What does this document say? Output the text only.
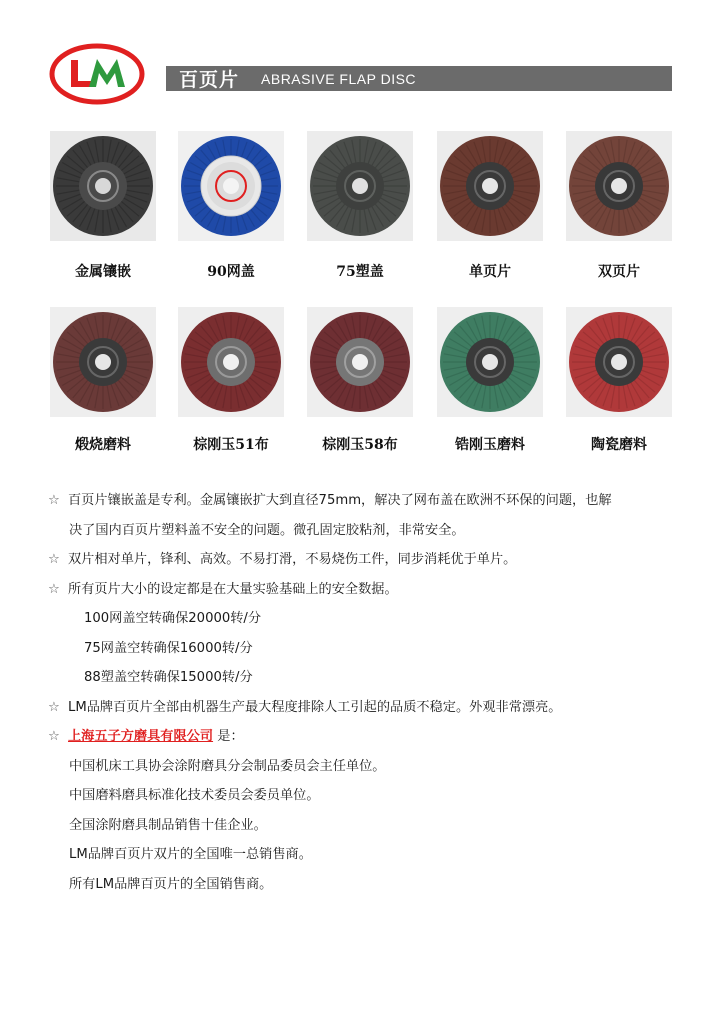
百页片 ABRASIVE FLAP DISC
金属镶嵌	90网盖	75塑盖	单页片	双页片
煅烧磨料	棕刚玉51布	棕刚玉58布	锆刚玉磨料	陶瓷磨料
☆ 百页片镶嵌盖是专利。金属镶嵌扩大到直径75mm，解决了网布盖在欧洲不环保的问题，也解
决了国内百页片塑料盖不安全的问题。微孔固定胶粘剂，非常安全。
☆ 双片相对单片，锋利、高效。不易打滑，不易烧伤工件，同步消耗优于单片。
☆ 所有页片大小的设定都是在大量实验基础上的安全数据。
100网盖空转确保20000转/分
75网盖空转确保16000转/分
88塑盖空转确保15000转/分
☆ LM品牌百页片全部由机器生产最大程度排除人工引起的品质不稳定。外观非常漂亮。
☆ 上海五子方磨具有限公司 是：
中国机床工具协会涂附磨具分会制品委员会主任单位。
中国磨料磨具标准化技术委员会委员单位。
全国涂附磨具制品销售十佳企业。
LM品牌百页片双片的全国唯一总销售商。
所有LM品牌百页片的全国销售商。
